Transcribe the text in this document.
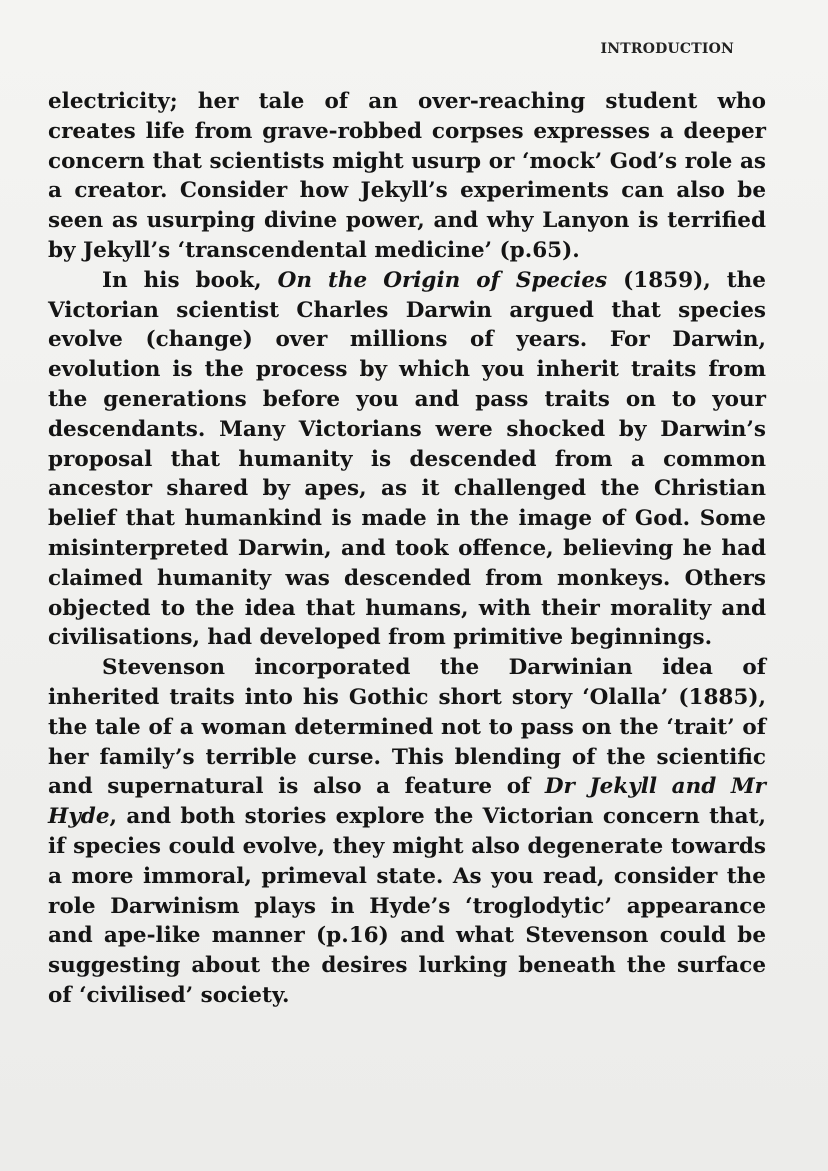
INTRODUCTION

electricity; her tale of an over-reaching student who creates life from grave-robbed corpses expresses a deeper concern that scientists might usurp or ‘mock’ God’s role as a creator. Consider how Jekyll’s experiments can also be seen as usurping divine power, and why Lanyon is terrified by Jekyll’s ‘transcendental medicine’ (p.65).

In his book, On the Origin of Species (1859), the Victorian scientist Charles Darwin argued that species evolve (change) over millions of years. For Darwin, evolution is the process by which you inherit traits from the generations before you and pass traits on to your descendants. Many Victorians were shocked by Darwin’s proposal that humanity is descended from a common ancestor shared by apes, as it challenged the Christian belief that humankind is made in the image of God. Some misinterpreted Darwin, and took offence, believing he had claimed humanity was descended from monkeys. Others objected to the idea that humans, with their morality and civilisations, had developed from primitive beginnings.

Stevenson incorporated the Darwinian idea of inherited traits into his Gothic short story ‘Olalla’ (1885), the tale of a woman determined not to pass on the ‘trait’ of her family’s terrible curse. This blending of the scientific and supernatural is also a feature of Dr Jekyll and Mr Hyde, and both stories explore the Victorian concern that, if species could evolve, they might also degenerate towards a more immoral, primeval state. As you read, consider the role Darwinism plays in Hyde’s ‘troglodytic’ appearance and ape-like manner (p.16) and what Stevenson could be suggesting about the desires lurking beneath the surface of ‘civilised’ society.
